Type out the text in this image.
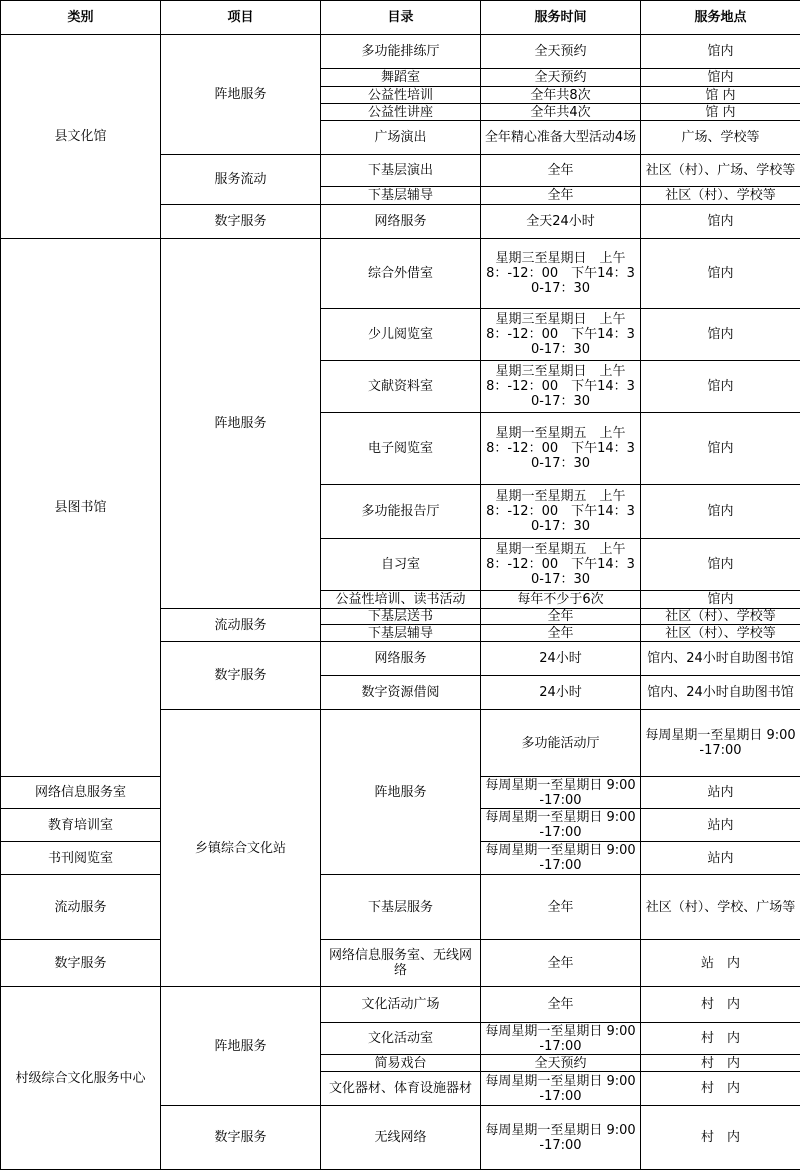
类别	项目	目录	服务时间	服务地点	
县文化馆	阵地服务	多功能排练厅	全天预约	馆内	
		舞蹈室	全天预约	馆内	
		公益性培训	全年共8次	馆 内	
		公益性讲座	全年共4次	馆 内	
		广场演出	全年精心准备大型活动4场	广场、学校等	
	服务流动	下基层演出	全年	社区（村）、广场、学校等	
		下基层辅导	全年	社区（村）、学校等	
	数字服务	网络服务	全天24小时	馆内	
县图书馆	阵地服务	综合外借室	星期三至星期日　上午8：-12：00　下午14：30-17：30	馆内	
		少儿阅览室	星期三至星期日　上午8：-12：00　下午14：30-17：30	馆内	
		文献资料室	星期三至星期日　上午8：-12：00　下午14：30-17：30	馆内	
		电子阅览室	星期一至星期五　上午8：-12：00　下午14：30-17：30	馆内	
		多功能报告厅	星期一至星期五　上午8：-12：00　下午14：30-17：30	馆内	
		自习室	星期一至星期五　上午8：-12：00　下午14：30-17：30	馆内	
		公益性培训、读书活动	每年不少于6次	馆内	
	流动服务	下基层送书	全年	社区（村）、学校等	
		下基层辅导	全年	社区（村）、学校等	
	数字服务	网络服务	24小时	馆内、24小时自助图书馆	
		数字资源借阅	24小时	馆内、24小时自助图书馆	
	乡镇综合文化站	阵地服务	多功能活动厅	每周星期一至星期日 9:00-17:00	
网络信息服务室			每周星期一至星期日 9:00-17:00	站内	
教育培训室			每周星期一至星期日 9:00-17:00	站内	
书刊阅览室			每周星期一至星期日 9:00-17:00	站内	
流动服务		下基层服务	全年	社区（村）、学校、广场等	
数字服务		网络信息服务室、无线网络	全年	站　内	
村级综合文化服务中心	阵地服务	文化活动广场	全年	村　内	
		文化活动室	每周星期一至星期日 9:00-17:00	村　内	
		简易戏台	全天预约	村　内	
		文化器材、体育设施器材	每周星期一至星期日 9:00-17:00	村　内	
	数字服务	无线网络	每周星期一至星期日 9:00-17:00	村　内	
